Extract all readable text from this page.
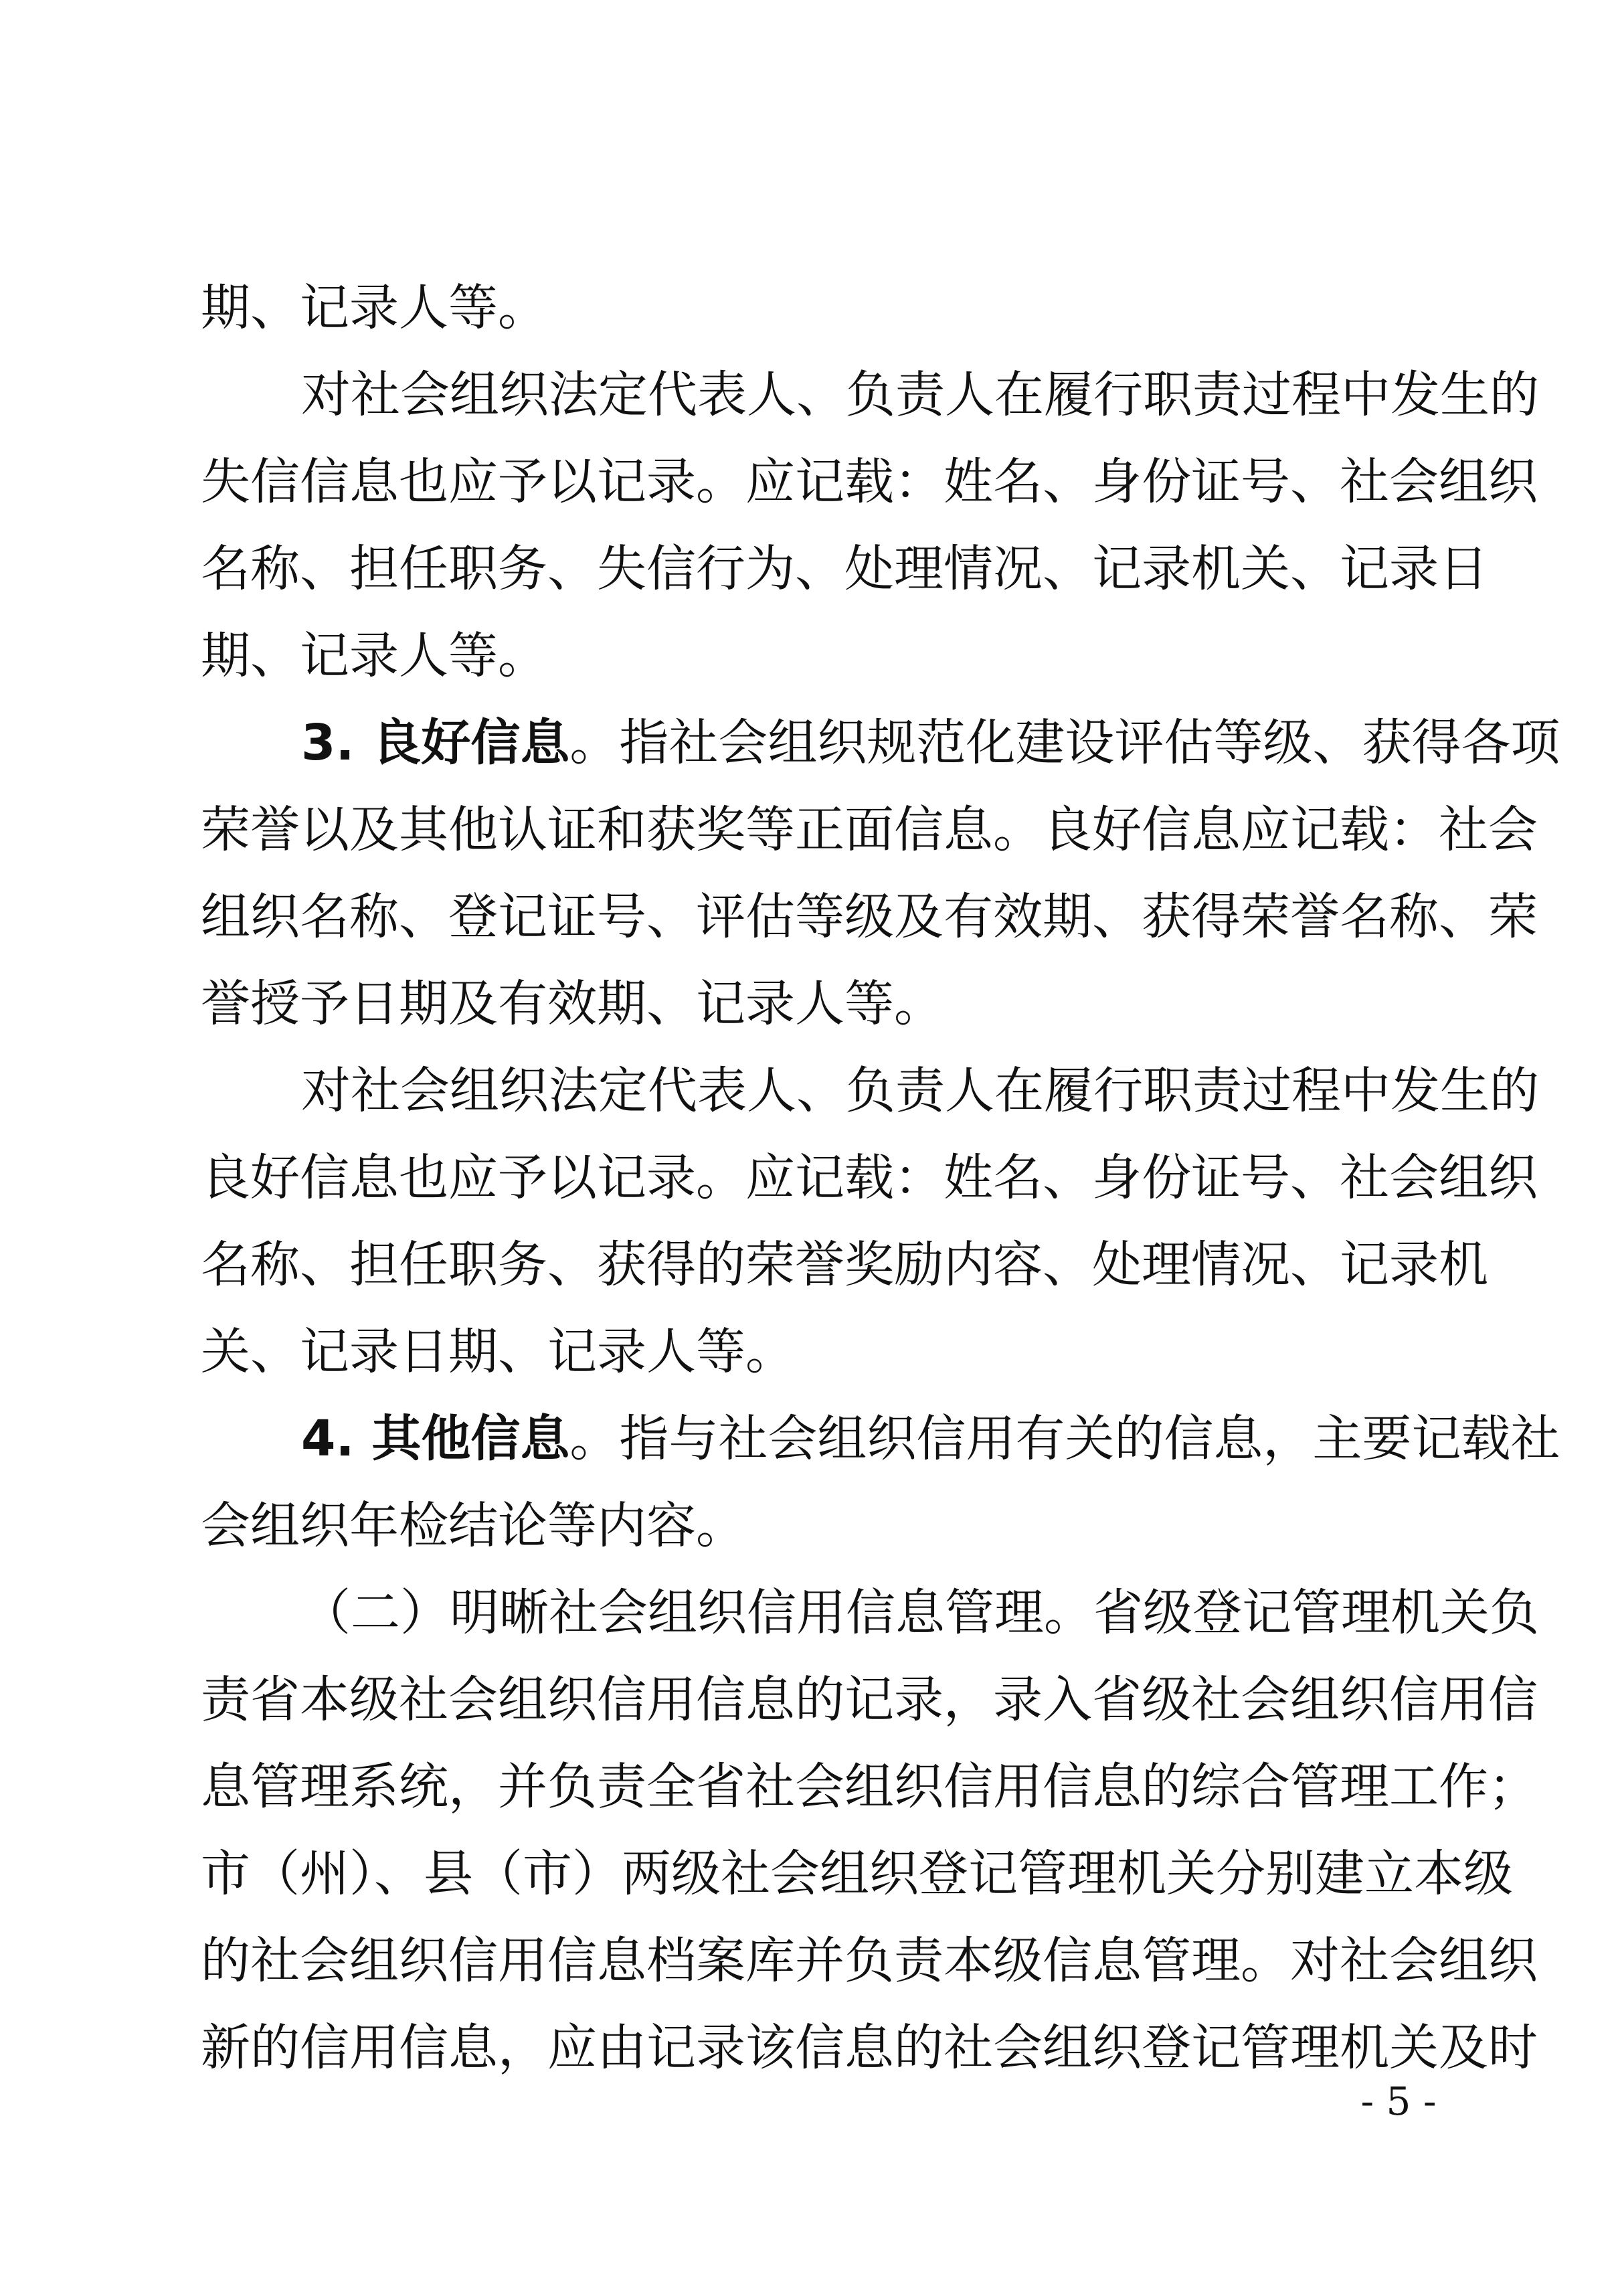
期、记录人等。

对社会组织法定代表人、负责人在履行职责过程中发生的

失信信息也应予以记录。应记载：姓名、身份证号、社会组织

名称、担任职务、失信行为、处理情况、记录机关、记录日

期、记录人等。

3. 良好信息。指社会组织规范化建设评估等级、获得各项

荣誉以及其他认证和获奖等正面信息。良好信息应记载：社会

组织名称、登记证号、评估等级及有效期、获得荣誉名称、荣

誉授予日期及有效期、记录人等。

对社会组织法定代表人、负责人在履行职责过程中发生的

良好信息也应予以记录。应记载：姓名、身份证号、社会组织

名称、担任职务、获得的荣誉奖励内容、处理情况、记录机

关、记录日期、记录人等。

4. 其他信息。指与社会组织信用有关的信息，主要记载社

会组织年检结论等内容。

（二）明晰社会组织信用信息管理。省级登记管理机关负

责省本级社会组织信用信息的记录，录入省级社会组织信用信

息管理系统，并负责全省社会组织信用信息的综合管理工作；

市（州）、县（市）两级社会组织登记管理机关分别建立本级

的社会组织信用信息档案库并负责本级信息管理。对社会组织

新的信用信息，应由记录该信息的社会组织登记管理机关及时

- 5 -
